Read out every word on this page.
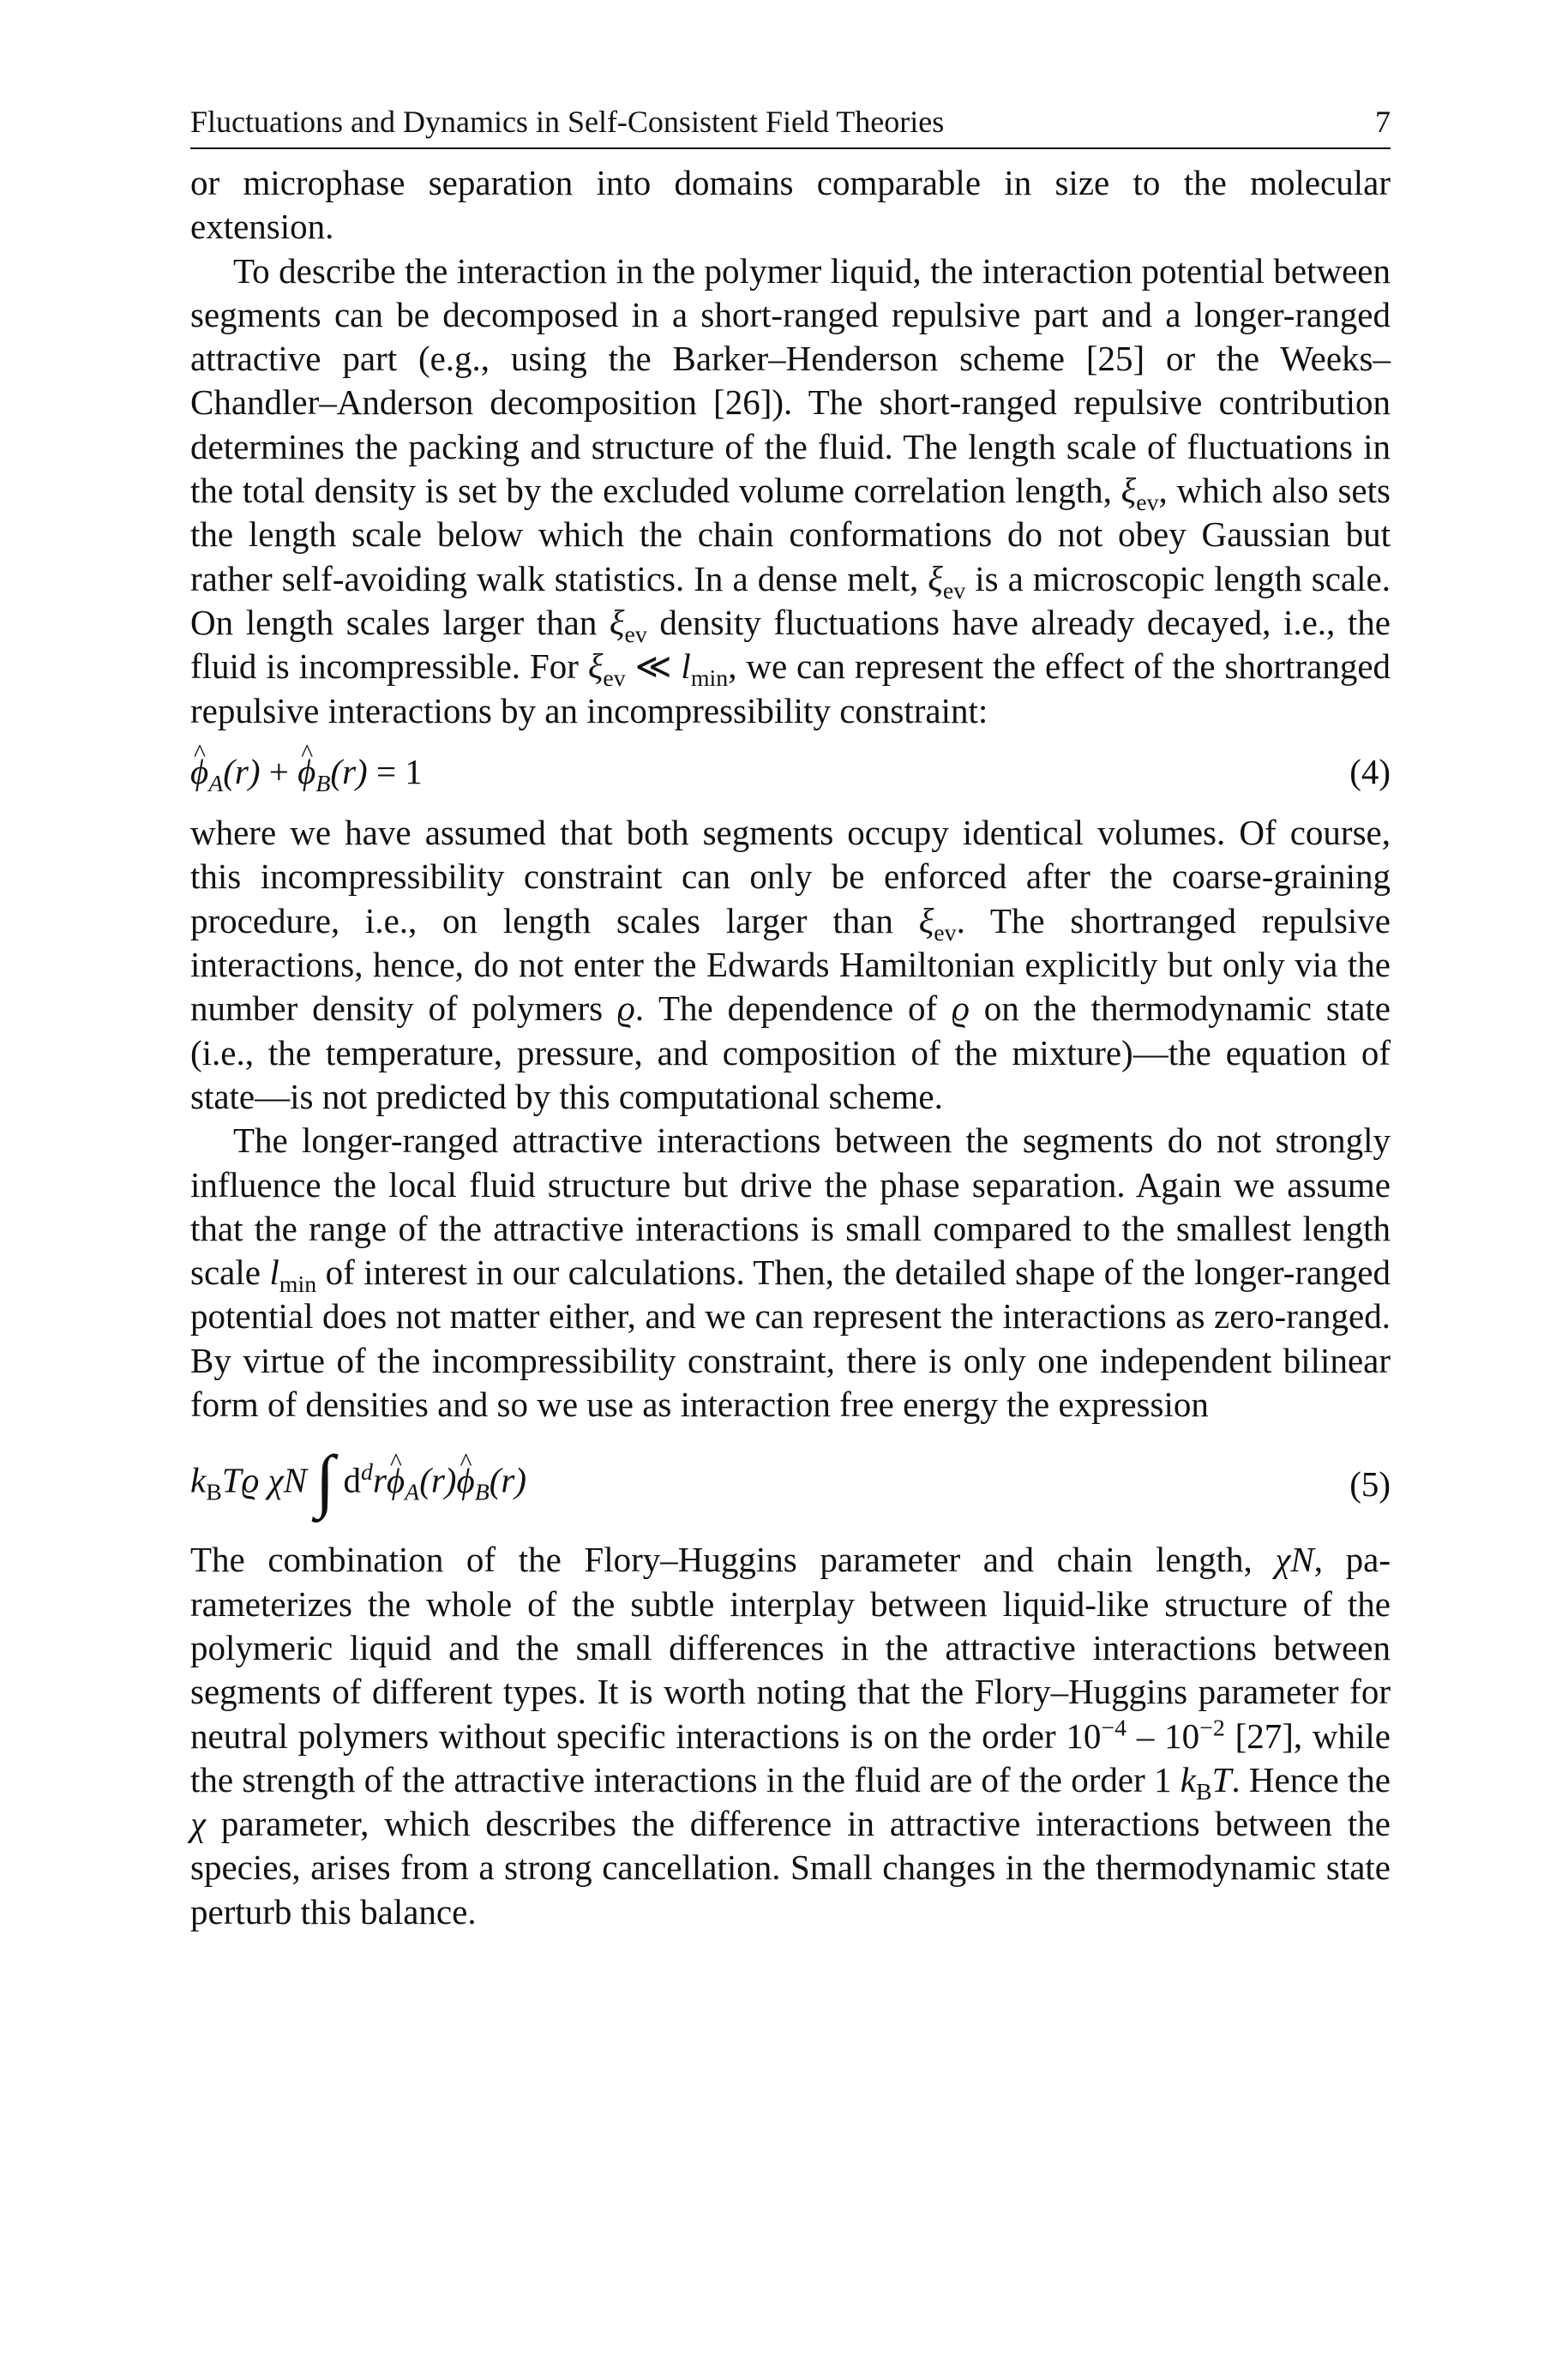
Fluctuations and Dynamics in Self-Consistent Field Theories	7

or microphase separation into domains comparable in size to the molecular extension.

To describe the interaction in the polymer liquid, the interaction potential between segments can be decomposed in a short-ranged repulsive part and a longer-ranged attractive part (e.g., using the Barker–Henderson scheme [25] or the Weeks–Chandler–Anderson decomposition [26]). The short-ranged repulsive contribution determines the packing and structure of the fluid. The length scale of fluctuations in the total density is set by the excluded volume correlation length, $\xi_{ev}$, which also sets the length scale below which the chain conformations do not obey Gaussian but rather self-avoiding walk statistics. In a dense melt, $\xi_{ev}$ is a microscopic length scale. On length scales larger than $\xi_{ev}$ density fluctuations have already decayed, i.e., the fluid is incompressible. For $\xi_{ev}$ ≪ $l_{min}$, we can represent the effect of the shortranged repulsive interactions by an incompressibility constraint:

^ $\phi_A(r)$ + ^ $\phi_B(r) = 1$	(4)

where we have assumed that both segments occupy identical volumes. Of course, this incompressibility constraint can only be enforced after the coarse-graining procedure, i.e., on length scales larger than $\xi_{ev}$. The shortranged repulsive interactions, hence, do not enter the Edwards Hamiltonian explicitly but only via the number density of polymers ϱ. The dependence of ϱ on the thermodynamic state (i.e., the temperature, pressure, and composition of the mixture)—the equation of state—is not predicted by this computational scheme.

The longer-ranged attractive interactions between the segments do not strongly influence the local fluid structure but drive the phase separation. Again we assume that the range of the attractive interactions is small compared to the smallest length scale $l_{min}$ of interest in our calculations. Then, the detailed shape of the longer-ranged potential does not matter either, and we can represent the interactions as zero-ranged. By virtue of the incompressibility constraint, there is only one independent bilinear form of densities and so we use as interaction free energy the expression

$k_BTϱ$ χN ∫ $d^dr\^{}$ $\phi_A(r)\^{}$ $\phi_B(r)$	(5)

The combination of the Flory–Huggins parameter and chain length, χN, parameterizes the whole of the subtle interplay between liquid-like structure of the polymeric liquid and the small differences in the attractive interactions between segments of different types. It is worth noting that the Flory–Huggins parameter for neutral polymers without specific interactions is on the order $10^{-4} - 10^{-2}$ [27], while the strength of the attractive interactions in the fluid are of the order 1 $k_BT$. Hence the χ parameter, which describes the difference in attractive interactions between the species, arises from a strong cancellation. Small changes in the thermodynamic state perturb this balance.
